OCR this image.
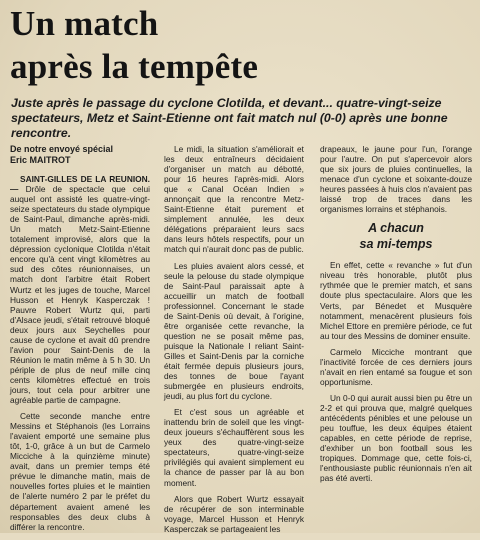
Un match
après la tempête

Juste après le passage du cyclone Clotilda, et devant... quatre-vingt-seize spectateurs, Metz et Saint-Etienne ont fait match nul (0-0) après une bonne rencontre.

De notre envoyé spécial
Eric MAITROT

SAINT-GILLES DE LA REUNION. — Drôle de spectacle que celui auquel ont assisté les quatre-vingt-seize spectateurs du stade olympique de Saint-Paul, dimanche après-midi. Un match Metz-Saint-Etienne totalement improvisé, alors que la dépression cyclonique Clotilda n'était encore qu'à cent vingt kilomètres au sud des côtes réunionnaises, un match dont l'arbitre était Robert Wurtz et les juges de touche, Marcel Husson et Henryk Kasperczak ! Pauvre Robert Wurtz qui, parti d'Alsace jeudi, s'était retrouvé bloqué deux jours aux Seychelles pour cause de cyclone et avait dû prendre l'avion pour Saint-Denis de la Réunion le matin même à 5 h 30. Un périple de plus de neuf mille cinq cents kilomètres effectué en trois jours, tout cela pour arbitrer une agréable partie de campagne.

Cette seconde manche entre Messins et Stéphanois (les Lorrains l'avaient emporté une semaine plus tôt, 1-0, grâce à un but de Carmelo Micciche à la quinzième minute) avait, dans un premier temps été prévue le dimanche matin, mais de nouvelles fortes pluies et le maintien de l'alerte numéro 2 par le préfet du département avaient amené les responsables des deux clubs à différer la rencontre.

Le midi, la situation s'améliorait et les deux entraîneurs décidaient d'organiser un match au débotté, pour 16 heures l'après-midi. Alors que « Canal Océan Indien » annonçait que la rencontre Metz-Saint-Etienne était purement et simplement annulée, les deux délégations préparaient leurs sacs dans leurs hôtels respectifs, pour un match qui n'aurait donc pas de public.

Les pluies avaient alors cessé, et seule la pelouse du stade olympique de Saint-Paul paraissait apte à accueillir un match de football professionnel. Concernant le stade de Saint-Denis où devait, à l'origine, être organisée cette revanche, la question ne se posait même pas, puisque la Nationale I reliant Saint-Gilles et Saint-Denis par la corniche était fermée depuis plusieurs jours, des tonnes de boue l'ayant submergée en plusieurs endroits, jeudi, au plus fort du cyclone.

Et c'est sous un agréable et inattendu brin de soleil que les vingt-deux joueurs s'échauffèrent sous les yeux des quatre-vingt-seize spectateurs, quatre-vingt-seize privilégiés qui avaient simplement eu la chance de passer par là au bon moment.

Alors que Robert Wurtz essayait de récupérer de son interminable voyage, Marcel Husson et Henryk Kasperczak se partageaient les

drapeaux, le jaune pour l'un, l'orange pour l'autre. On put s'apercevoir alors que six jours de pluies continuelles, la menace d'un cyclone et soixante-douze heures passées à huis clos n'avaient pas laissé trop de traces dans les organismes lorrains et stéphanois.

A chacun
sa mi-temps

En effet, cette « revanche » fut d'un niveau très honorable, plutôt plus rythmée que le premier match, et sans doute plus spectaculaire. Alors que les Verts, par Bénedet et Musquère notamment, menacèrent plusieurs fois Michel Ettore en première période, ce fut au tour des Messins de dominer ensuite.

Carmelo Micciche montrant que l'inactivité forcée de ces derniers jours n'avait en rien entamé sa fougue et son opportunisme.

Un 0-0 qui aurait aussi bien pu être un 2-2 et qui prouva que, malgré quelques antécédents pénibles et une pelouse un peu touffue, les deux équipes étaient capables, en cette période de reprise, d'exhiber un bon football sous les tropiques. Dommage que, cette fois-ci, l'enthousiaste public réunionnais n'en ait pas été averti.
